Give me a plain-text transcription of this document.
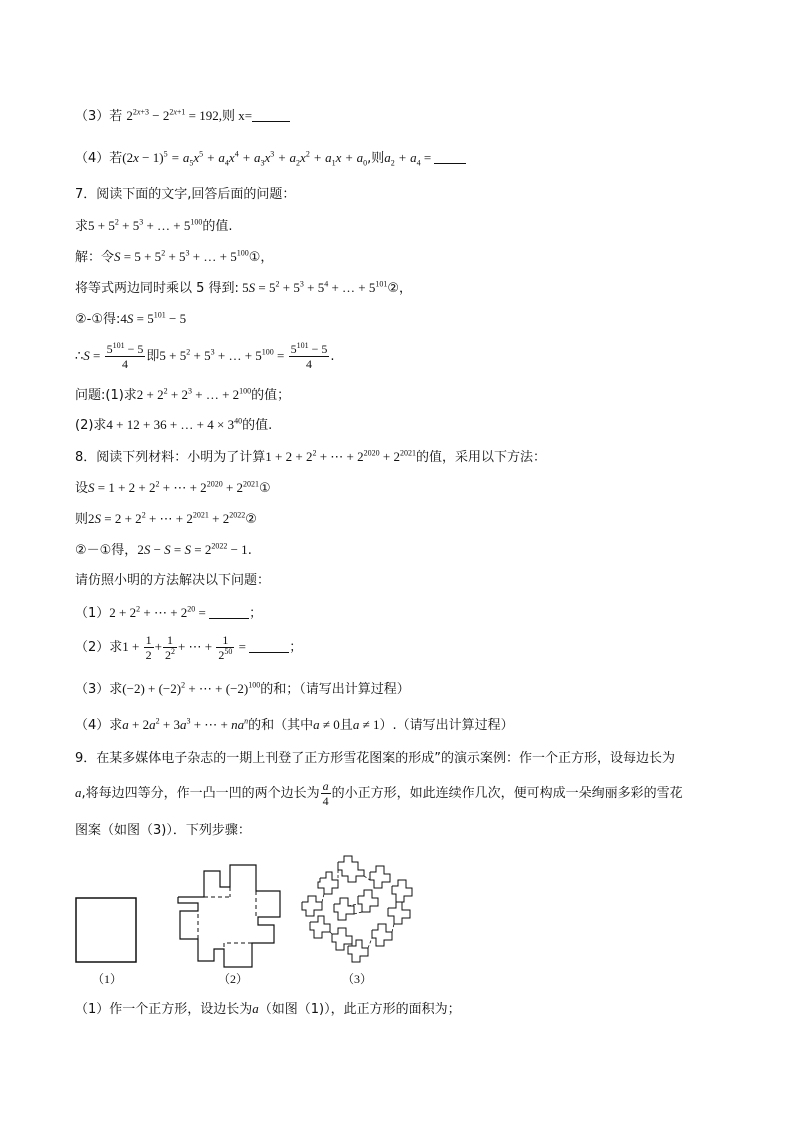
（3）若 $2^{2x+3} - 2^{2x+1} = 192$,则 x=
（4）若$(2x - 1)^5 = a_5x^5 + a_4x^4 + a_3x^3 + a_2x^2 + a_1x + a_0$,则$a_2 + a_4$ =
7．阅读下面的文字,回答后面的问题：
求$5 + 5^2 + 5^3$ + … + $5^{100}$的值.
解：令$S = 5 + 5^2 + 5^3$ + … + $5^{100}①$，
将等式两边同时乘以 5 得到: $5S = 5^2 + 5^3 + 5^4$ + … + $5^{101}②$，
②-①得:4S = $5^{101} - 5$
∴S = $\frac{5^{101} - 5}{4}$ 即$5 + 5^2 + 5^3$ + … + $5^{100} = \frac{5^{101} - 5}{4}$ .
问题:(1)求$2 + 2^2 + 2^3$ + … + $2^{100}$的值；
(2)求4 + 12 + 36 + … + $4 \times 3^{40}$的值.
8．阅读下列材料：小明为了计算$1 + 2 + 2^2$ + ⋯ + $2^{2020} + 2^{2021}$的值，采用以下方法：
设$S = 1 + 2 + 2^2$ + ⋯ + $2^{2020}$ + $2^{2021}①$
则$2S = 2 + 2^2$ + ⋯ + $2^{2021}$ + $2^{2022}②$
②－①得，$2S - S = S = 2^{2022} - 1$.
请仿照小明的方法解决以下问题：
$(1)2 + 2^2$ + ⋯ + $2^{20}$ =	；
（2）求$1 + \frac{1}{2} + \frac{1}{2^2}$ + ⋯ + $\frac{1}{2^{50}}$ =	；
（3）求$(-2) + (-2)^2$ + ⋯ + $(-2)^{100}$的和；（请写出计算过程）
（4）求$a + 2a^2 + 3a^3$ + ⋯ + $na^n$的和（其中a ≠ 0且a ≠ 1）.（请写出计算过程）
9．在某多媒体电子杂志的一期上刊登了正方形雪花图案的形成”的演示案例：作一个正方形，设每边长为
a,将每边四等分，作一凸一凹的两个边长为 $\frac{a}{4}$ 的小正方形，如此连续作几次，便可构成一朵绚丽多彩的雪花
图案（如图（3)）．下列步骤：
（1）	（2）	（3）
（1）作一个正方形，设边长为a（如图（1)），此正方形的面积为；
